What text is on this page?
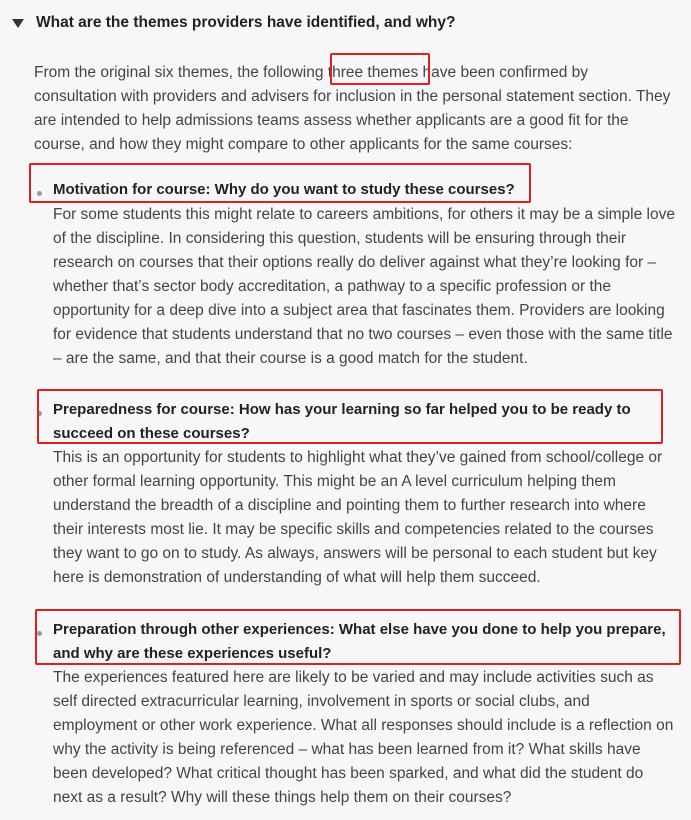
What are the themes providers have identified, and why?

From the original six themes, the following three themes have been confirmed by consultation with providers and advisers for inclusion in the personal statement section. They are intended to help admissions teams assess whether applicants are a good fit for the course, and how they might compare to other applicants for the same courses:

Motivation for course: Why do you want to study these courses?

For some students this might relate to careers ambitions, for others it may be a simple love of the discipline. In considering this question, students will be ensuring through their research on courses that their options really do deliver against what they’re looking for – whether that’s sector body accreditation, a pathway to a specific profession or the opportunity for a deep dive into a subject area that fascinates them. Providers are looking for evidence that students understand that no two courses – even those with the same title – are the same, and that their course is a good match for the student.

Preparedness for course: How has your learning so far helped you to be ready to succeed on these courses?

This is an opportunity for students to highlight what they’ve gained from school/college or other formal learning opportunity. This might be an A level curriculum helping them understand the breadth of a discipline and pointing them to further research into where their interests most lie. It may be specific skills and competencies related to the courses they want to go on to study. As always, answers will be personal to each student but key here is demonstration of understanding of what will help them succeed.

Preparation through other experiences: What else have you done to help you prepare, and why are these experiences useful?

The experiences featured here are likely to be varied and may include activities such as self directed extracurricular learning, involvement in sports or social clubs, and employment or other work experience. What all responses should include is a reflection on why the activity is being referenced – what has been learned from it? What skills have been developed? What critical thought has been sparked, and what did the student do next as a result? Why will these things help them on their courses?
